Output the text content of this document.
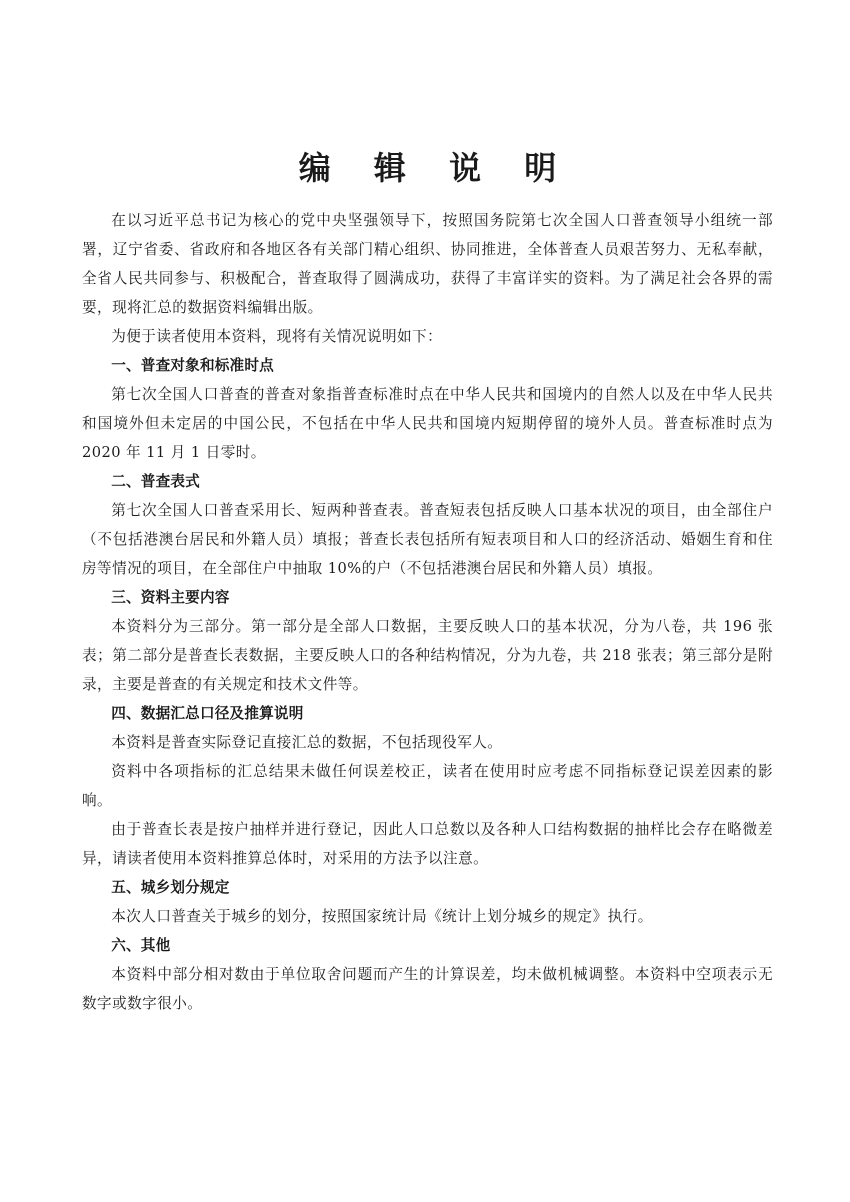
编 辑 说 明

在以习近平总书记为核心的党中央坚强领导下，按照国务院第七次全国人口普查领导小组统一部署，辽宁省委、省政府和各地区各有关部门精心组织、协同推进，全体普查人员艰苦努力、无私奉献，全省人民共同参与、积极配合，普查取得了圆满成功，获得了丰富详实的资料。为了满足社会各界的需要，现将汇总的数据资料编辑出版。

为便于读者使用本资料，现将有关情况说明如下：

一、普查对象和标准时点

第七次全国人口普查的普查对象指普查标准时点在中华人民共和国境内的自然人以及在中华人民共和国境外但未定居的中国公民，不包括在中华人民共和国境内短期停留的境外人员。普查标准时点为 2020 年 11 月 1 日零时。

二、普查表式

第七次全国人口普查采用长、短两种普查表。普查短表包括反映人口基本状况的项目，由全部住户（不包括港澳台居民和外籍人员）填报；普查长表包括所有短表项目和人口的经济活动、婚姻生育和住房等情况的项目，在全部住户中抽取 10%的户（不包括港澳台居民和外籍人员）填报。

三、资料主要内容

本资料分为三部分。第一部分是全部人口数据，主要反映人口的基本状况，分为八卷，共 196 张表；第二部分是普查长表数据，主要反映人口的各种结构情况，分为九卷，共 218 张表；第三部分是附录，主要是普查的有关规定和技术文件等。

四、数据汇总口径及推算说明

本资料是普查实际登记直接汇总的数据，不包括现役军人。

资料中各项指标的汇总结果未做任何误差校正，读者在使用时应考虑不同指标登记误差因素的影响。

由于普查长表是按户抽样并进行登记，因此人口总数以及各种人口结构数据的抽样比会存在略微差异，请读者使用本资料推算总体时，对采用的方法予以注意。

五、城乡划分规定

本次人口普查关于城乡的划分，按照国家统计局《统计上划分城乡的规定》执行。

六、其他

本资料中部分相对数由于单位取舍问题而产生的计算误差，均未做机械调整。本资料中空项表示无数字或数字很小。
